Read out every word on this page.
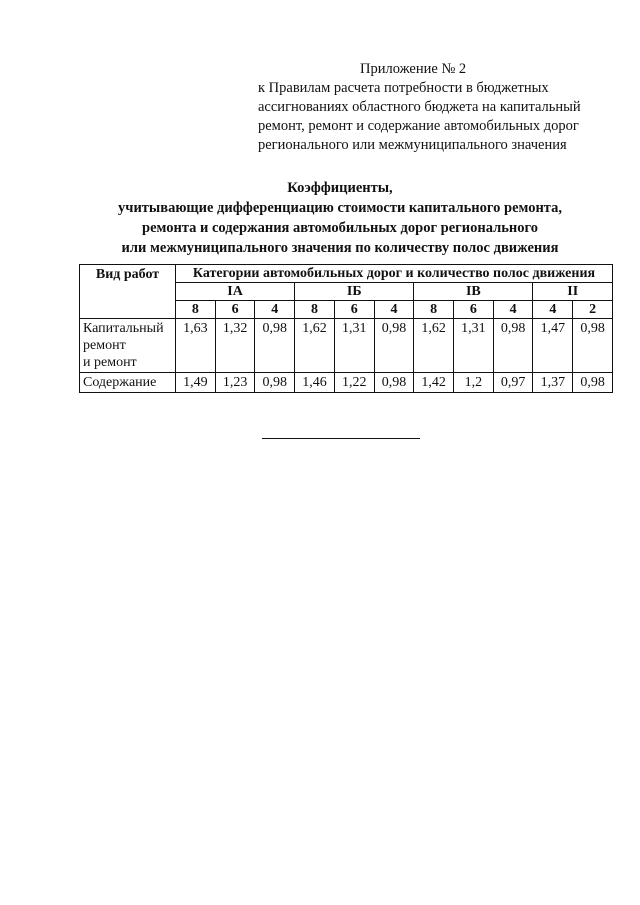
Приложение № 2
к Правилам расчета потребности в бюджетных
ассигнованиях областного бюджета на капитальный
ремонт, ремонт и содержание автомобильных дорог
регионального или межмуниципального значения
Коэффициенты,
учитывающие дифференциацию стоимости капитального ремонта,
ремонта и содержания автомобильных дорог регионального
или межмуниципального значения по количеству полос движения
Вид работ	Категории автомобильных дорог и количество полос движения										
	IA			IБ			IВ			II	
	8	6	4	8	6	4	8	6	4	4	2

Капитальный
ремонт
и ремонт	1,63	1,32	0,98	1,62	1,31	0,98	1,62	1,31	0,98	1,47	0,98

Содержание	1,49	1,23	0,98	1,46	1,22	0,98	1,42	1,2	0,97	1,37	0,98
